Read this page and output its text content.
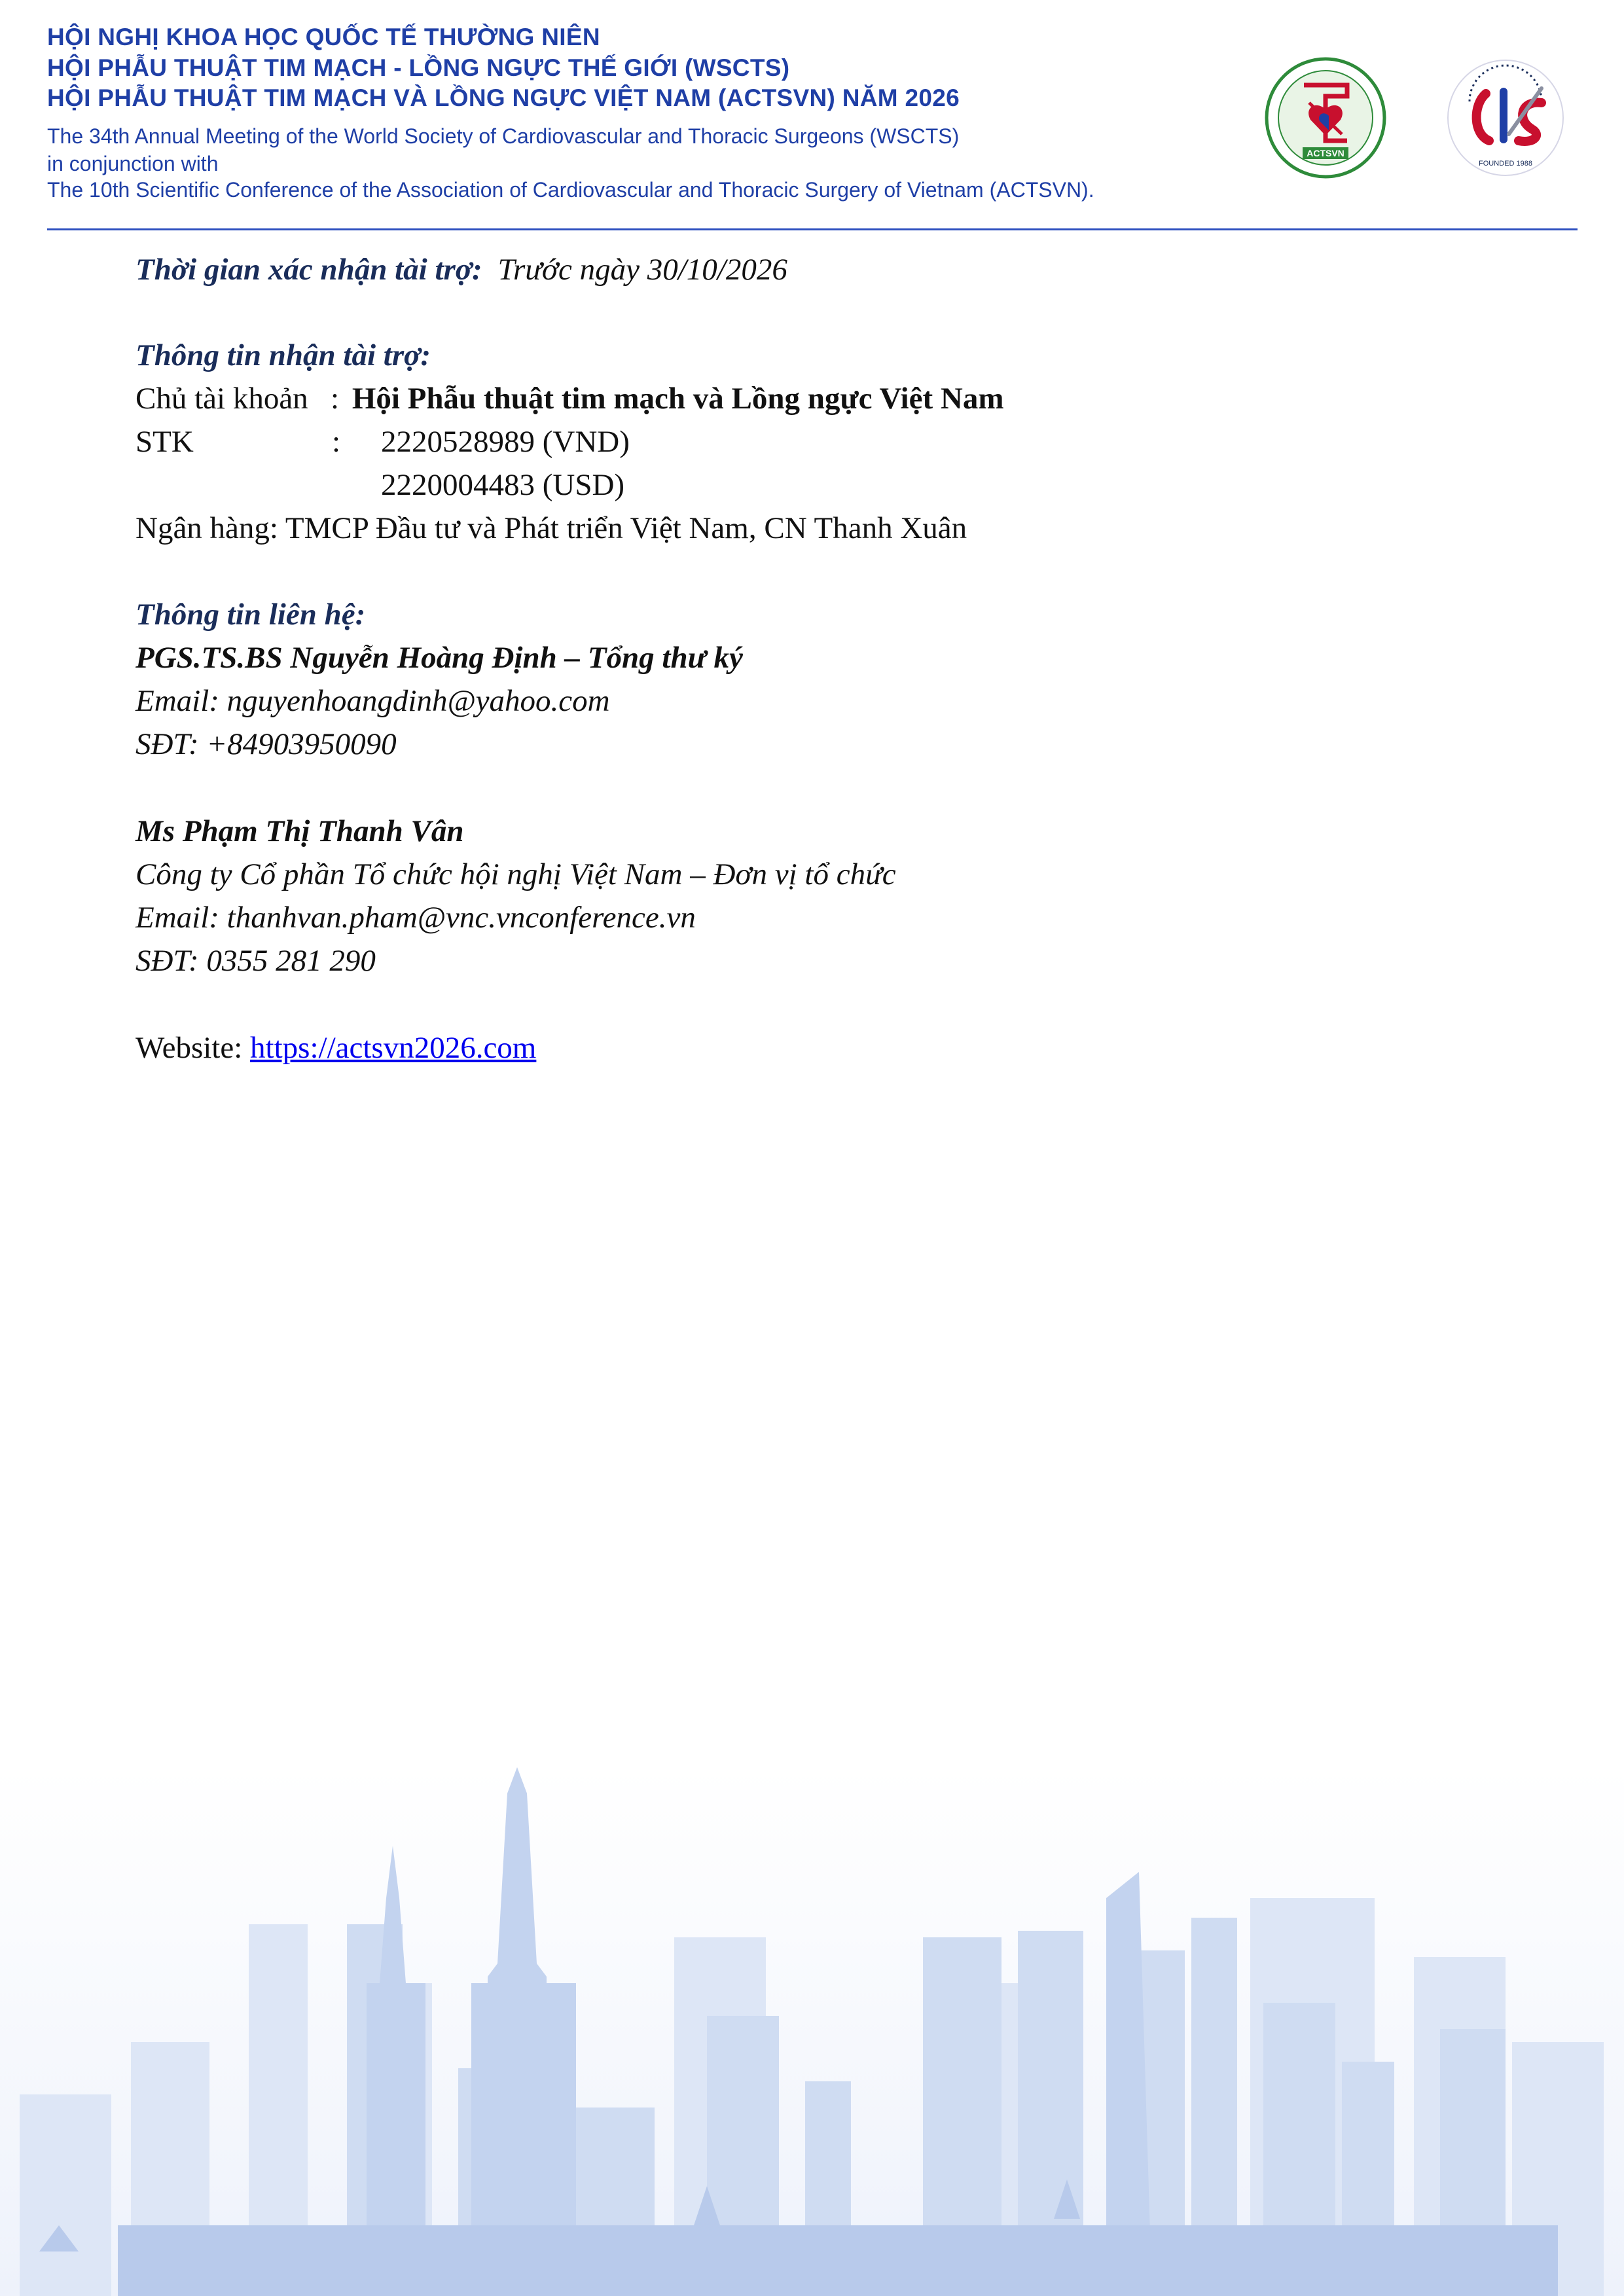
HỘI NGHỊ KHOA HỌC QUỐC TẾ THƯỜNG NIÊN
HỘI PHẪU THUẬT TIM MẠCH - LỒNG NGỰC THẾ GIỚI (WSCTS)
HỘI PHẪU THUẬT TIM MẠCH VÀ LỒNG NGỰC VIỆT NAM (ACTSVN) NĂM 2026
The 34th Annual Meeting of the World Society of Cardiovascular and Thoracic Surgeons (WSCTS)
in conjunction with
The 10th Scientific Conference of the Association of Cardiovascular and Thoracic Surgery of Vietnam (ACTSVN).
ACTSVN
FOUNDED 1988
Thời gian xác nhận tài trợ: Trước ngày 30/10/2026
Thông tin nhận tài trợ:
Chủ tài khoản : Hội Phẫu thuật tim mạch và Lồng ngực Việt Nam
STK	: 2220528989 (VND)
2220004483 (USD)
Ngân hàng: TMCP Đầu tư và Phát triển Việt Nam, CN Thanh Xuân
Thông tin liên hệ:
PGS.TS.BS Nguyễn Hoàng Định – Tổng thư ký
Email: nguyenhoangdinh@yahoo.com
SĐT: +84903950090
Ms Phạm Thị Thanh Vân
Công ty Cổ phần Tổ chức hội nghị Việt Nam – Đơn vị tổ chức
Email: thanhvan.pham@vnc.vnconference.vn
SĐT: 0355 281 290
Website: https://actsvn2026.com
